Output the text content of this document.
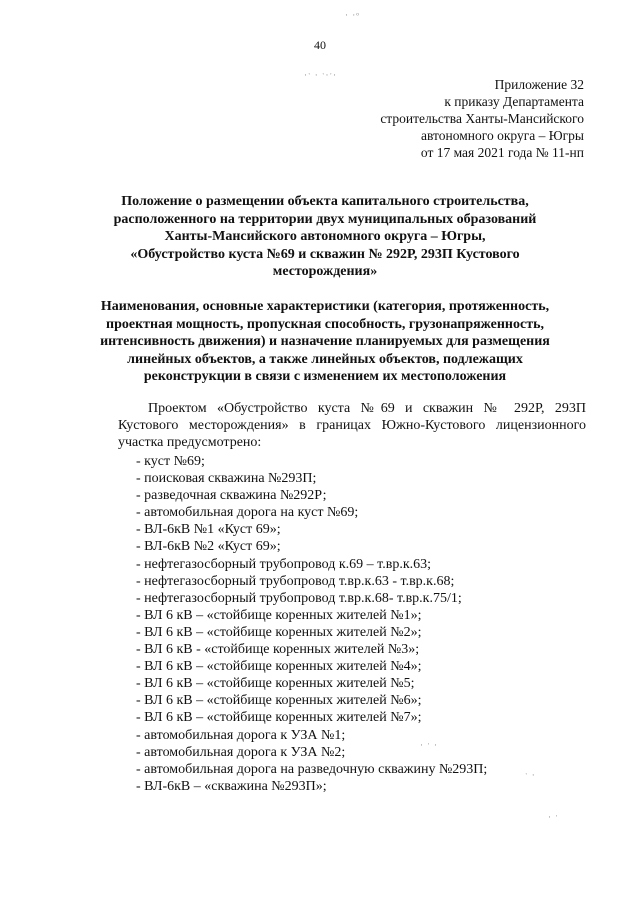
· ·ᵒ
·ˑ · ˑ·ˑ·
· ˑ ·
ˑ ·
· ˑ
40
Приложение 32
к приказу Департамента
строительства Ханты-Мансийского
автономного округа – Югры
от 17 мая 2021 года № 11-нп
Положение о размещении объекта капитального строительства,
расположенного на территории двух муниципальных образований
Ханты-Мансийского автономного округа – Югры,
«Обустройство куста №69 и скважин № 292Р, 293П Кустового
месторождения»
Наименования, основные характеристики (категория, протяженность,
проектная мощность, пропускная способность, грузонапряженность,
интенсивность движения) и назначение планируемых для размещения
линейных объектов, а также линейных объектов, подлежащих
реконструкции в связи с изменением их местоположения
Проектом «Обустройство куста №69 и скважин № 292Р, 293П
Кустового месторождения» в границах Южно-Кустового лицензионного
участка предусмотрено:
- куст №69;
- поисковая скважина №293П;
- разведочная скважина №292Р;
- автомобильная дорога на куст №69;
- ВЛ-6кВ №1 «Куст 69»;
- ВЛ-6кВ №2 «Куст 69»;
- нефтегазосборный трубопровод к.69 – т.вр.к.63;
- нефтегазосборный трубопровод т.вр.к.63 - т.вр.к.68;
- нефтегазосборный трубопровод т.вр.к.68- т.вр.к.75/1;
- ВЛ 6 кВ – «стойбище коренных жителей №1»;
- ВЛ 6 кВ – «стойбище коренных жителей №2»;
- ВЛ 6 кВ - «стойбище коренных жителей №3»;
- ВЛ 6 кВ – «стойбище коренных жителей №4»;
- ВЛ 6 кВ – «стойбище коренных жителей №5;
- ВЛ 6 кВ – «стойбище коренных жителей №6»;
- ВЛ 6 кВ – «стойбище коренных жителей №7»;
- автомобильная дорога к УЗА №1;
- автомобильная дорога к УЗА №2;
- автомобильная дорога на разведочную скважину №293П;
- ВЛ-6кВ – «скважина №293П»;
